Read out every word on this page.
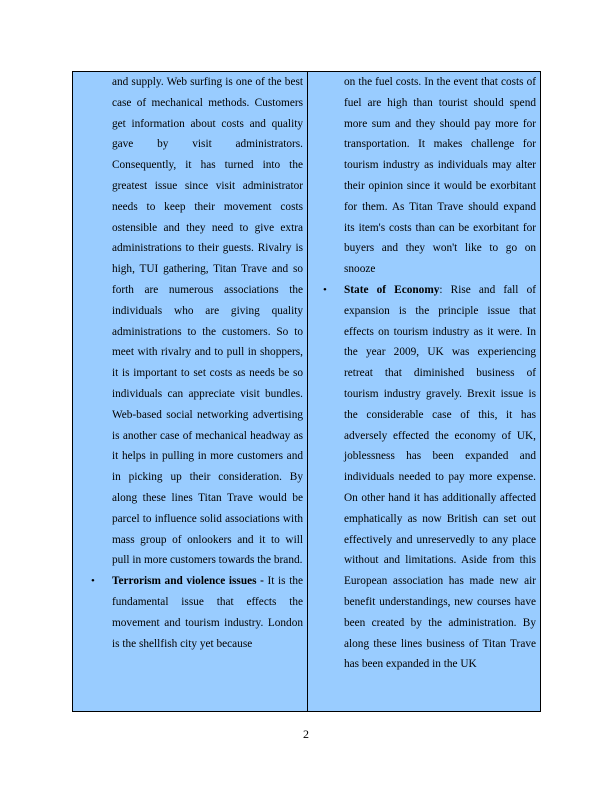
and supply. Web surfing is one of the best case of mechanical methods. Customers get information about costs and quality gave by visit administrators. Consequently, it has turned into the greatest issue since visit administrator needs to keep their movement costs ostensible and they need to give extra administrations to their guests. Rivalry is high, TUI gathering, Titan Trave and so forth are numerous associations the individuals who are giving quality administrations to the customers. So to meet with rivalry and to pull in shoppers, it is important to set costs as needs be so individuals can appreciate visit bundles. Web-based social networking advertising is another case of mechanical headway as it helps in pulling in more customers and in picking up their consideration. By along these lines Titan Trave would be parcel to influence solid associations with mass group of onlookers and it to will pull in more customers towards the brand.

• Terrorism and violence issues - It is the fundamental issue that effects the movement and tourism industry. London is the shellfish city yet because

on the fuel costs. In the event that costs of fuel are high than tourist should spend more sum and they should pay more for transportation. It makes challenge for tourism industry as individuals may alter their opinion since it would be exorbitant for them. As Titan Trave should expand its item's costs than can be exorbitant for buyers and they won't like to go on snooze

• State of Economy: Rise and fall of expansion is the principle issue that effects on tourism industry as it were. In the year 2009, UK was experiencing retreat that diminished business of tourism industry gravely. Brexit issue is the considerable case of this, it has adversely effected the economy of UK, joblessness has been expanded and individuals needed to pay more expense. On other hand it has additionally affected emphatically as now British can set out effectively and unreservedly to any place without and limitations. Aside from this European association has made new air benefit understandings, new courses have been created by the administration. By along these lines business of Titan Trave has been expanded in the UK

2
